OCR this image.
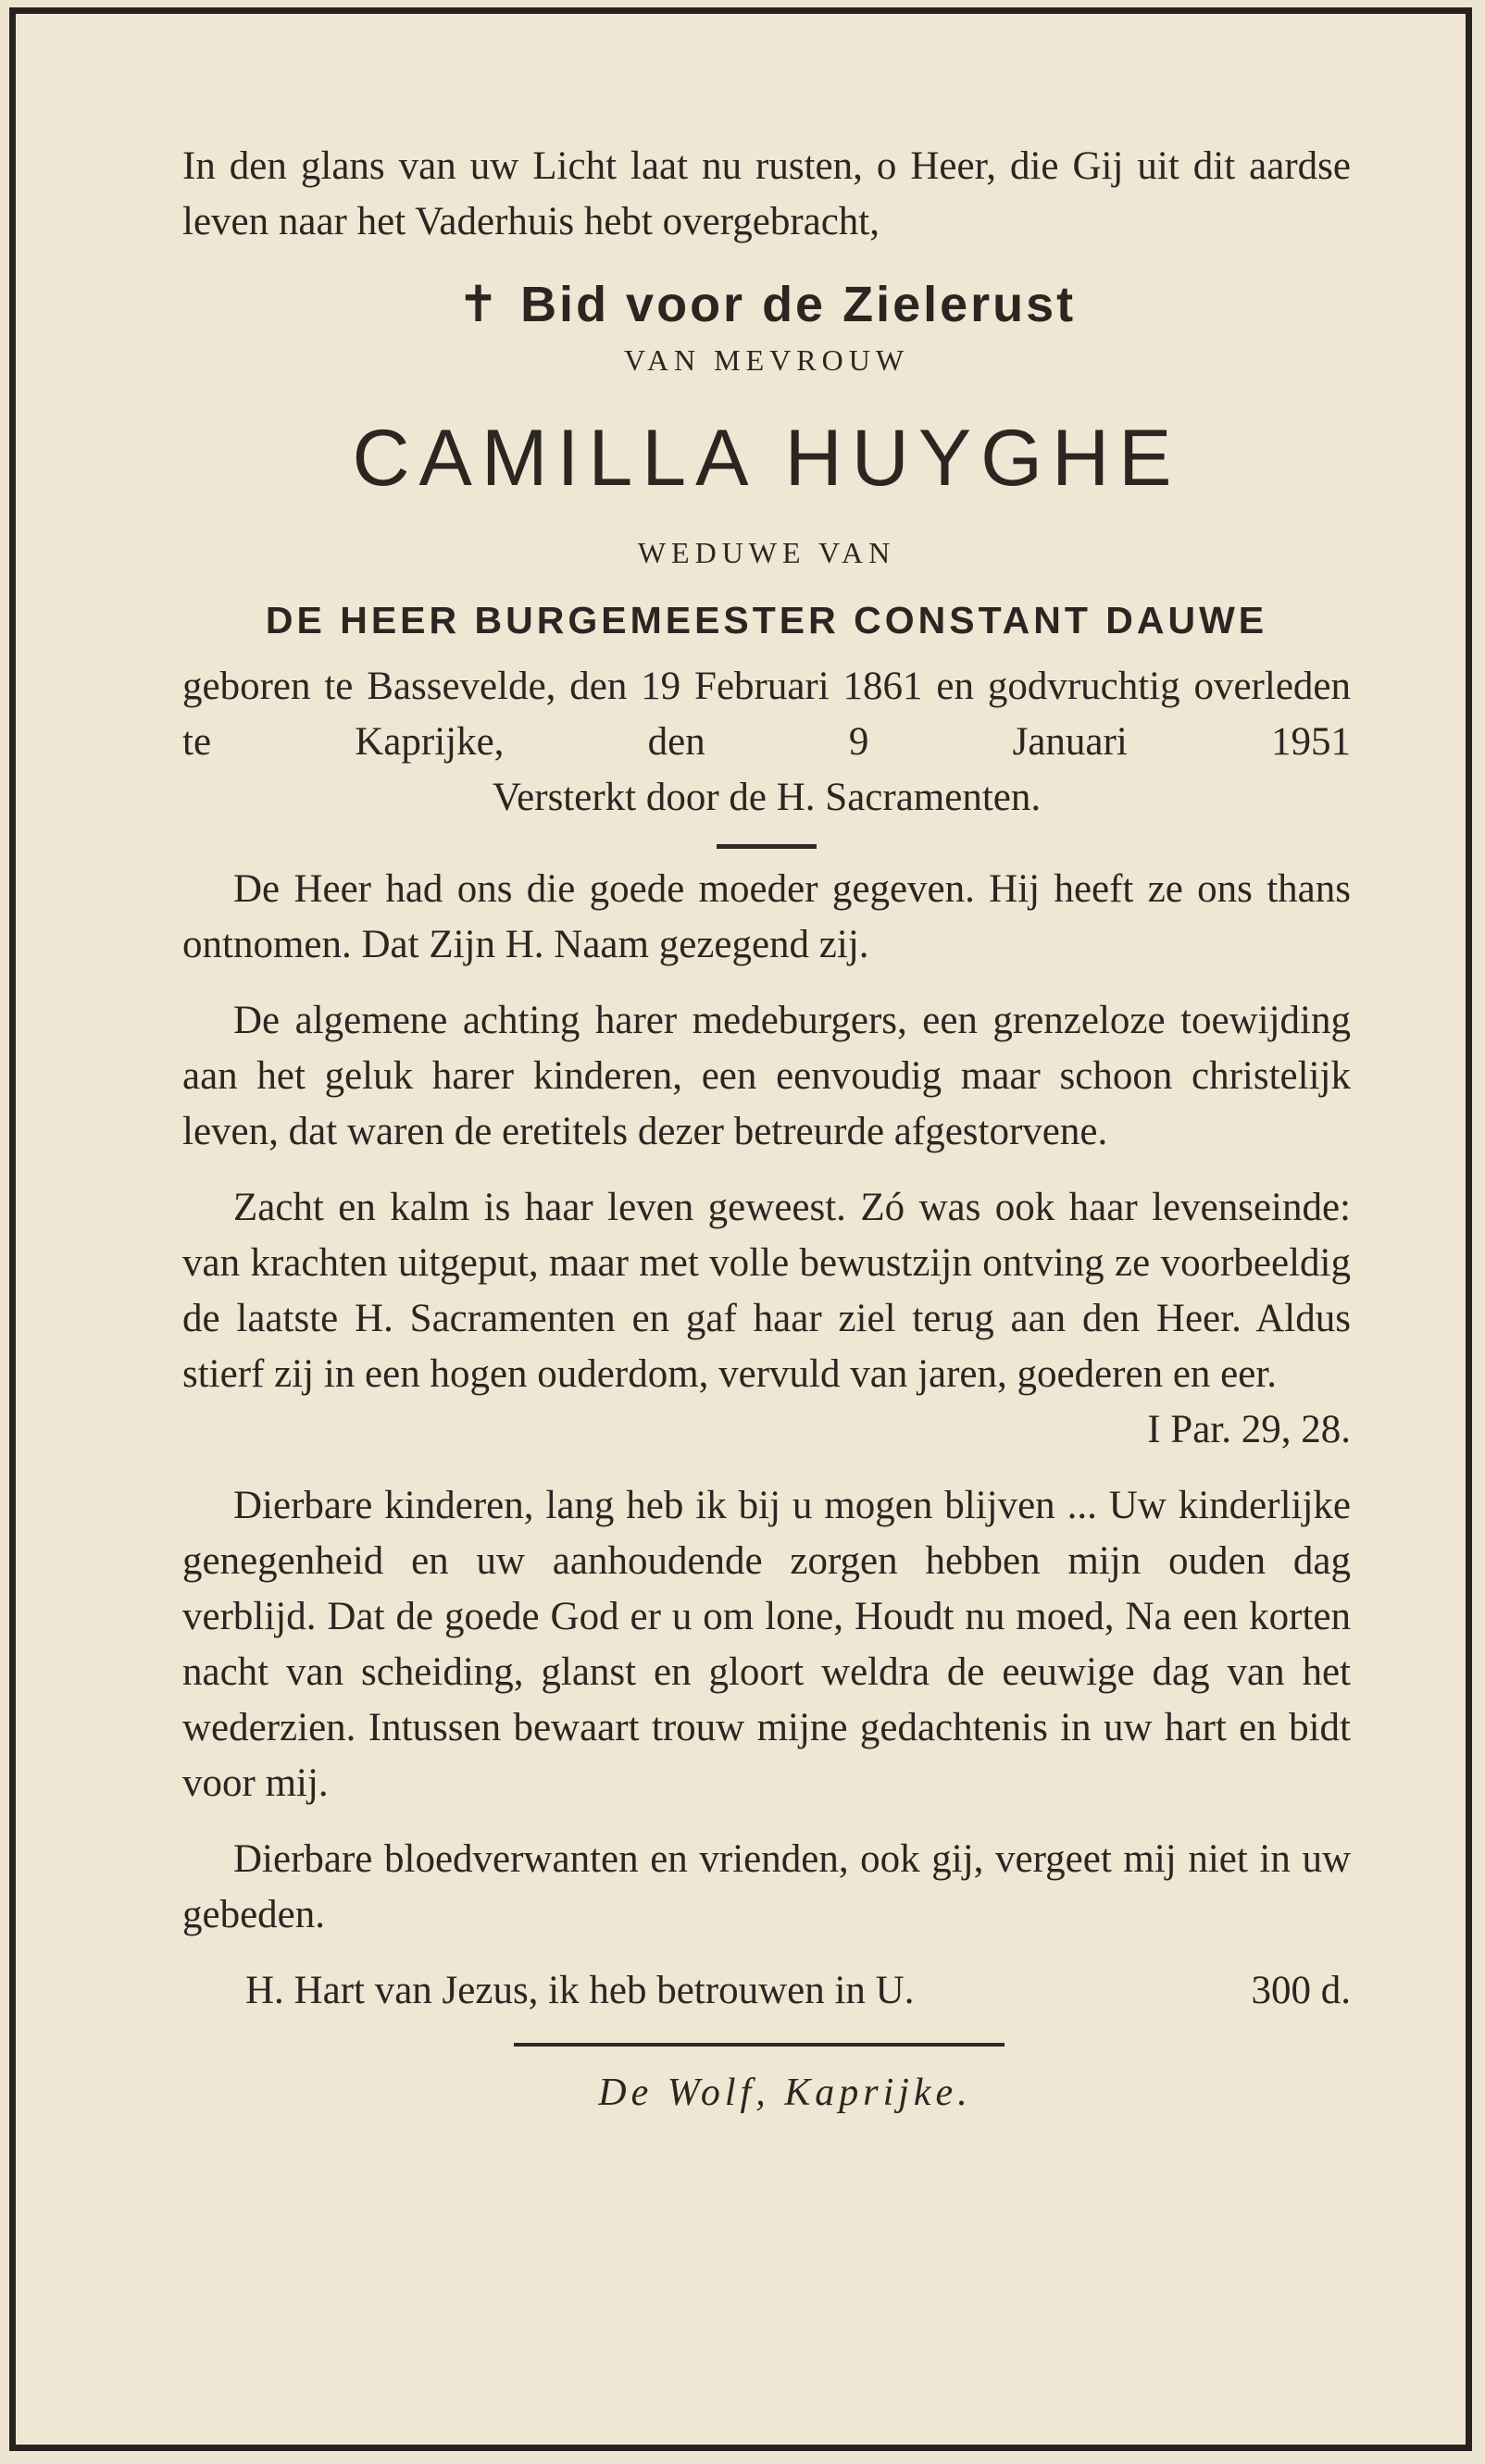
In den glans van uw Licht laat nu rusten, o Heer, die Gij uit dit aardse leven naar het Vaderhuis hebt overgebracht,

✝ Bid voor de Zielerust
VAN MEVROUW
CAMILLA HUYGHE
WEDUWE VAN
DE HEER BURGEMEESTER CONSTANT DAUWE

geboren te Bassevelde, den 19 Februari 1861 en godvruchtig overleden te Kaprijke, den 9 Januari 1951

Versterkt door de H. Sacramenten.

De Heer had ons die goede moeder gegeven. Hij heeft ze ons thans ontnomen. Dat Zijn H. Naam gezegend zij.

De algemene achting harer medeburgers, een grenzeloze toewijding aan het geluk harer kinderen, een eenvoudig maar schoon christelijk leven, dat waren de eretitels dezer betreurde afgestorvene.

Zacht en kalm is haar leven geweest. Zó was ook haar levenseinde: van krachten uitgeput, maar met volle bewustzijn ontving ze voorbeeldig de laatste H. Sacramenten en gaf haar ziel terug aan den Heer. Aldus stierf zij in een hogen ouderdom, vervuld van jaren, goederen en eer.

I Par. 29, 28.

Dierbare kinderen, lang heb ik bij u mogen blijven ... Uw kinderlijke genegenheid en uw aanhoudende zorgen hebben mijn ouden dag verblijd. Dat de goede God er u om lone, Houdt nu moed, Na een korten nacht van scheiding, glanst en gloort weldra de eeuwige dag van het wederzien. Intussen bewaart trouw mijne gedachtenis in uw hart en bidt voor mij.

Dierbare bloedverwanten en vrienden, ook gij, vergeet mij niet in uw gebeden.

H. Hart van Jezus, ik heb betrouwen in U.	300 d.
De Wolf, Kaprijke.
